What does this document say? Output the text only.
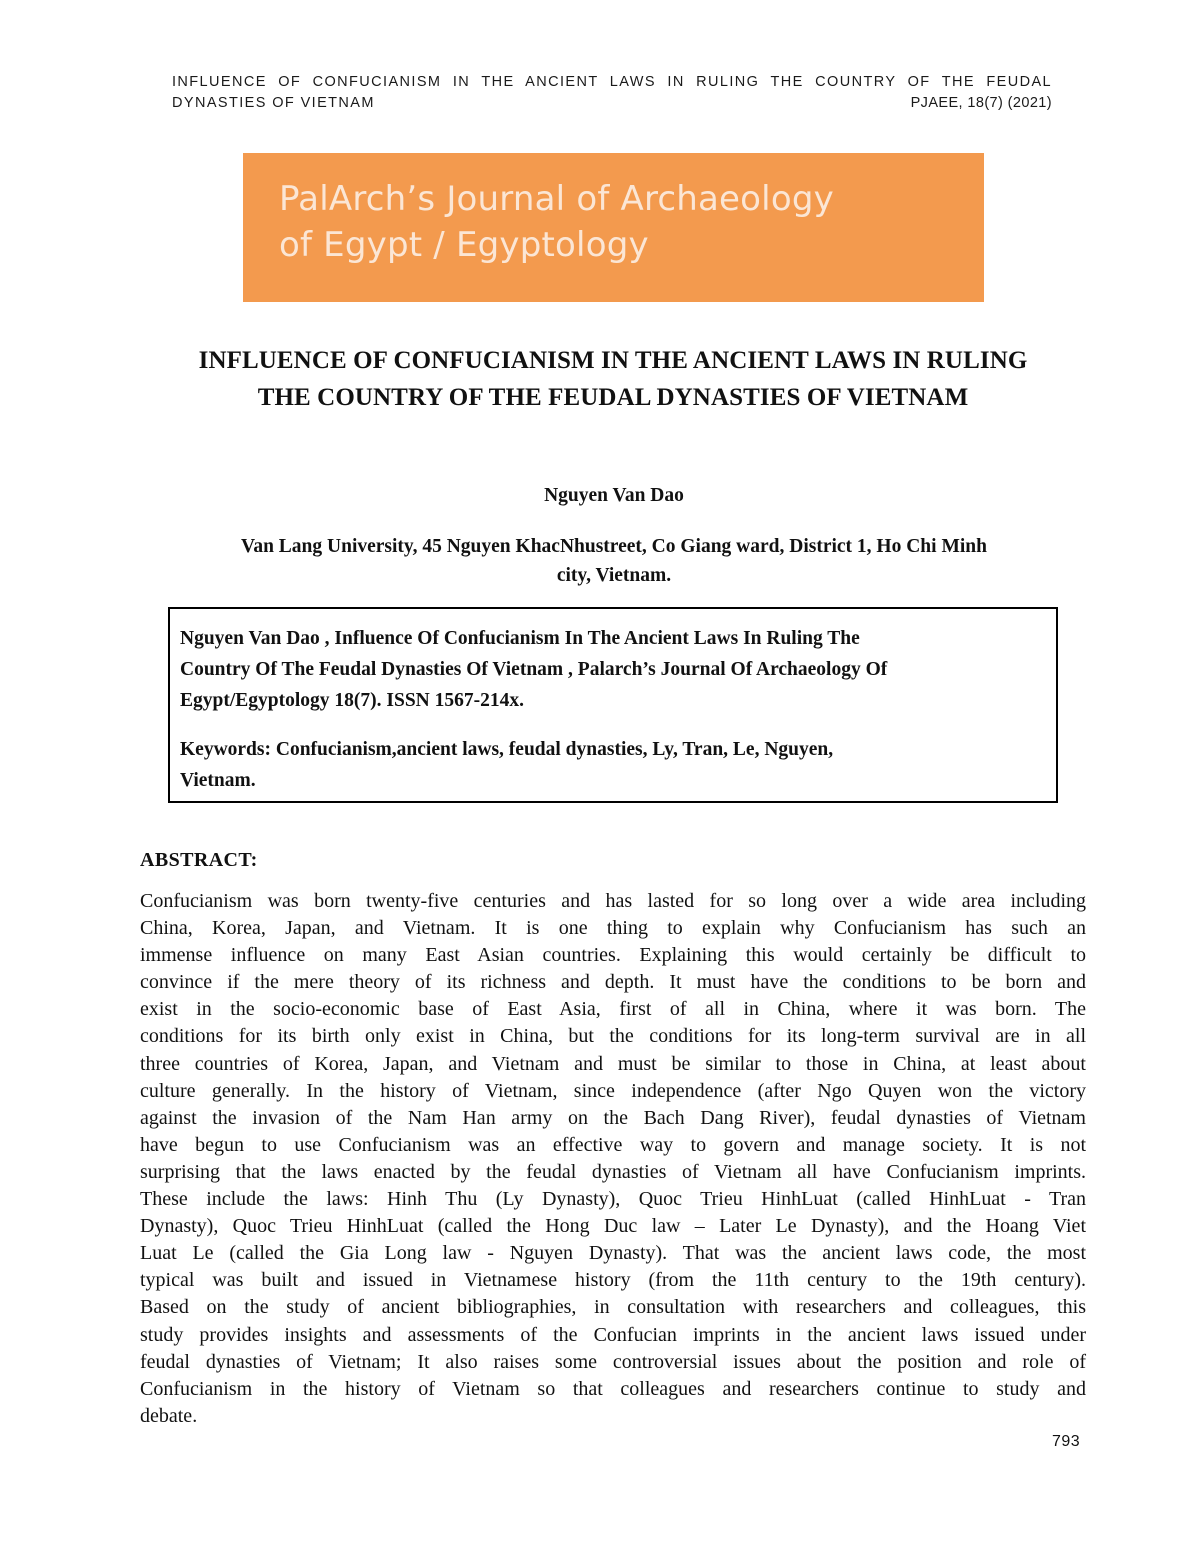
INFLUENCE OF CONFUCIANISM IN THE ANCIENT LAWS IN RULING THE COUNTRY OF THE FEUDAL
DYNASTIES OF VIETNAM	PJAEE, 18(7) (2021)
PalArch’s Journal of Archaeology
of Egypt / Egyptology
INFLUENCE OF CONFUCIANISM IN THE ANCIENT LAWS IN RULING
THE COUNTRY OF THE FEUDAL DYNASTIES OF VIETNAM
Nguyen Van Dao
Van Lang University, 45 Nguyen KhacNhustreet, Co Giang ward, District 1, Ho Chi Minh
city, Vietnam.
Nguyen Van Dao , Influence Of Confucianism In The Ancient Laws In Ruling The
Country Of The Feudal Dynasties Of Vietnam , Palarch’s Journal Of Archaeology Of
Egypt/Egyptology 18(7). ISSN 1567-214x.
Keywords: Confucianism,ancient laws, feudal dynasties, Ly, Tran, Le, Nguyen,
Vietnam.
ABSTRACT:
Confucianism was born twenty-five centuries and has lasted for so long over a wide area including
China, Korea, Japan, and Vietnam. It is one thing to explain why Confucianism has such an
immense influence on many East Asian countries. Explaining this would certainly be difficult to
convince if the mere theory of its richness and depth. It must have the conditions to be born and
exist in the socio-economic base of East Asia, first of all in China, where it was born. The
conditions for its birth only exist in China, but the conditions for its long-term survival are in all
three countries of Korea, Japan, and Vietnam and must be similar to those in China, at least about
culture generally. In the history of Vietnam, since independence (after Ngo Quyen won the victory
against the invasion of the Nam Han army on the Bach Dang River), feudal dynasties of Vietnam
have begun to use Confucianism was an effective way to govern and manage society. It is not
surprising that the laws enacted by the feudal dynasties of Vietnam all have Confucianism imprints.
These include the laws: Hinh Thu (Ly Dynasty), Quoc Trieu HinhLuat (called HinhLuat - Tran
Dynasty), Quoc Trieu HinhLuat (called the Hong Duc law – Later Le Dynasty), and the Hoang Viet
Luat Le (called the Gia Long law - Nguyen Dynasty). That was the ancient laws code, the most
typical was built and issued in Vietnamese history (from the 11th century to the 19th century).
Based on the study of ancient bibliographies, in consultation with researchers and colleagues, this
study provides insights and assessments of the Confucian imprints in the ancient laws issued under
feudal dynasties of Vietnam; It also raises some controversial issues about the position and role of
Confucianism in the history of Vietnam so that colleagues and researchers continue to study and
debate.
793
